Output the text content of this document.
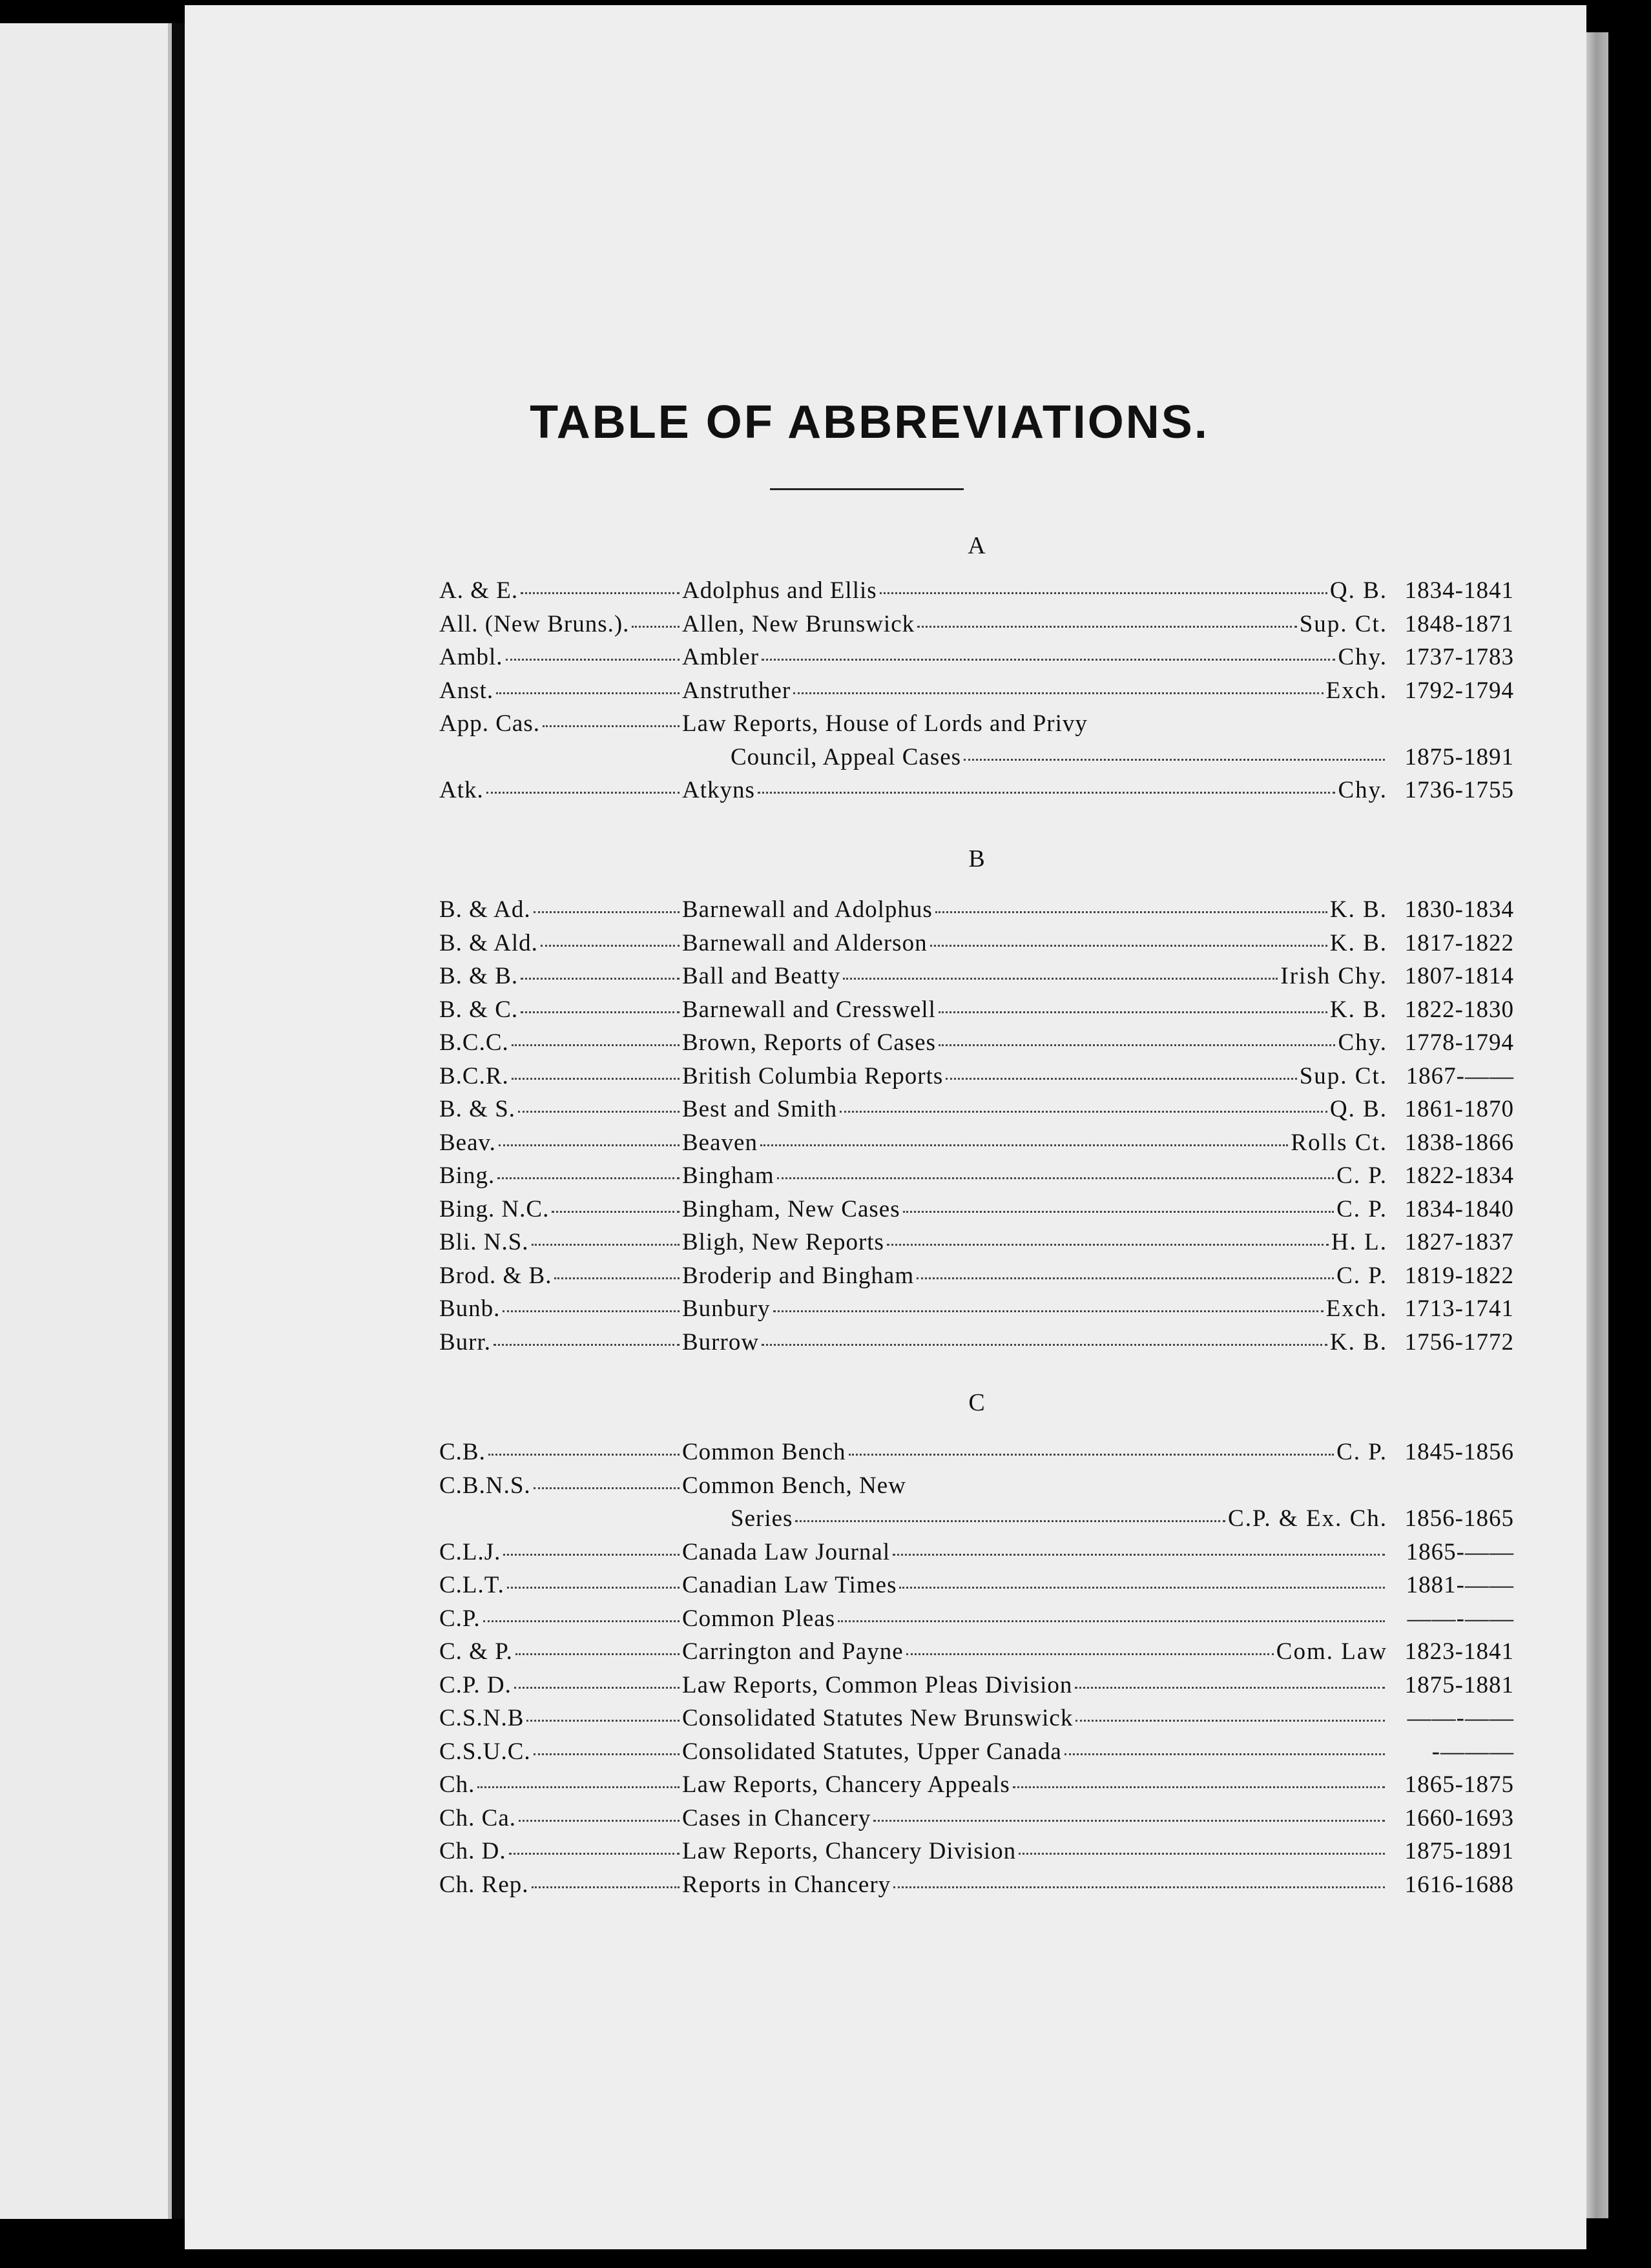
TABLE OF ABBREVIATIONS.
A
A. & E.	Adolphus and Ellis	Q. B. 1834-1841
All. (New Bruns.). Allen, New Brunswick	Sup. Ct. 1848-1871
Ambl.	Ambler	Chy. 1737-1783
Anst.	Anstruther	Exch. 1792-1794
App. Cas.	Law Reports, House of Lords and Privy
Council, Appeal Cases	1875-1891
Atk.	Atkyns	Chy. 1736-1755
B
B. & Ad.	Barnewall and Adolphus	K. B. 1830-1834
B. & Ald.	Barnewall and Alderson	K. B. 1817-1822
B. & B.	Ball and Beatty	Irish Chy. 1807-1814
B. & C.	Barnewall and Cresswell	K. B. 1822-1830
B.C.C.	Brown, Reports of Cases	Chy. 1778-1794
B.C.R.	British Columbia Reports	Sup. Ct. 1867-——
B. & S.	Best and Smith	Q. B. 1861-1870
Beav.	Beaven	Rolls Ct. 1838-1866
Bing.	Bingham	C. P. 1822-1834
Bing. N.C.	Bingham, New Cases	C. P. 1834-1840
Bli. N.S.	Bligh, New Reports	H. L. 1827-1837
Brod. & B.	Broderip and Bingham	C. P. 1819-1822
Bunb.	Bunbury	Exch. 1713-1741
Burr.	Burrow	K. B. 1756-1772
C
C.B.	Common Bench	C. P. 1845-1856
C.B.N.S.	Common Bench, New
Series	C.P. & Ex. Ch. 1856-1865
C.L.J.	Canada Law Journal	1865-——
C.L.T.	Canadian Law Times	1881-——
C.P.	Common Pleas	——-——
C. & P.	Carrington and Payne	Com. Law 1823-1841
C.P. D.	Law Reports, Common Pleas Division	1875-1881
C.S.N.B	Consolidated Statutes New Brunswick	——-——
C.S.U.C.	Consolidated Statutes, Upper Canada	-———
Ch.	Law Reports, Chancery Appeals	1865-1875
Ch. Ca.	Cases in Chancery	1660-1693
Ch. D.	Law Reports, Chancery Division	1875-1891
Ch. Rep.	Reports in Chancery	1616-1688
